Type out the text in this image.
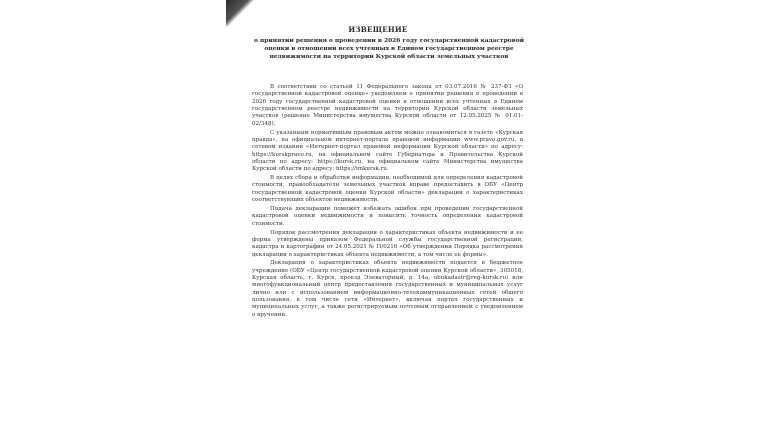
ИЗВЕЩЕНИЕ
о принятии решения о проведении в 2026 году государственной кадастровой оценки в отношении всех учтенных в Едином государственном реестре недвижимости на территории Курской области земельных участков

В соответствии со статьей 11 Федерального закона от 03.07.2016 № 237-ФЗ «О государственной кадастровой оценке» уведомляем о принятии решения о проведении в 2026 году государственной кадастровой оценки в отношении всех учтенных в Едином государственном реестре недвижимости на территории Курской области земельных участков (решение Министерства имущества Курской области от 12.05.2025 № 01.01-02/348).

С указанным нормативным правовым актом можно ознакомиться в газете «Курская правда», на официальном интернет-портале правовой информации www.pravo.gov.ru, в сетевом издании «Интернет-портал правовой информации Курской области» по адресу: https://kurskpravo.ru, на официальном сайте Губернатора и Правительства Курской области по адресу: https://kursk.ru, на официальном сайте Министерства имущества Курской области по адресу: https://imkursk.ru.

В целях сбора и обработки информации, необходимой для определения кадастровой стоимости, правообладатели земельных участков вправе предоставить в ОБУ «Центр государственной кадастровой оценки Курской области» декларации о характеристиках соответствующих объектов недвижимости.

Подача декларации поможет избежать ошибок при проведении государственной кадастровой оценки недвижимости и повысить точность определения кадастровой стоимости.

Порядок рассмотрения декларации о характеристиках объекта недвижимости и ее форма утверждены приказом Федеральной службы государственной регистрации, кадастра и картографии от 24.05.2021 № П/0216 «Об утверждении Порядка рассмотрения декларации о характеристиках объекта недвижимости, а том числе ее формы».

Декларация о характеристиках объекта недвижимости подается в бюджетное учреждение (ОБУ «Центр государственной кадастровой оценки Курской области», 305018, Курская область, г. Курск, проезд Элеваторный, д. 14а, obukadastr@reg-kursk.ru) или многофункциональный центр предоставления государственных и муниципальных услуг лично или с использованием информационно-телекоммуникационных сетей общего пользования, в том числе сети «Интернет», включая портал государственных и муниципальных услуг, а также регистрируемым почтовым отправлением с уведомлением о вручении.
